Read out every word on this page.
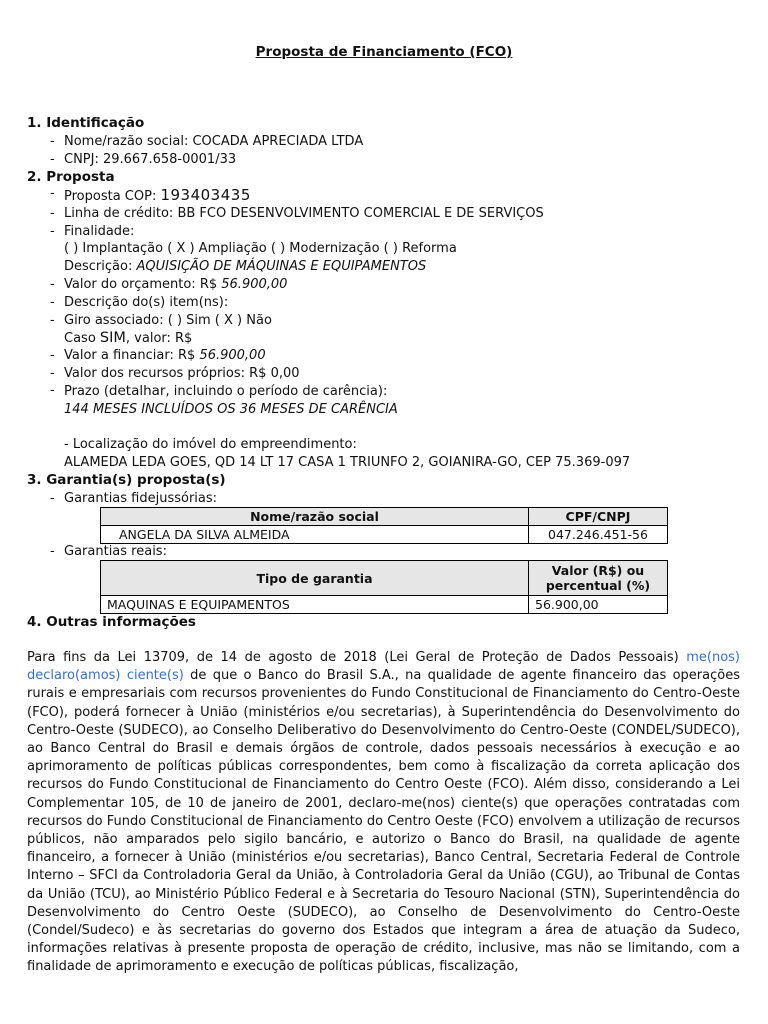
Proposta de Financiamento (FCO)
1. Identificação
- Nome/razão social: COCADA APRECIADA LTDA
- CNPJ: 29.667.658-0001/33
2. Proposta
- Proposta COP: 193403435
- Linha de crédito: BB FCO DESENVOLVIMENTO COMERCIAL E DE SERVIÇOS
- Finalidade:
( ) Implantação ( X ) Ampliação ( ) Modernização ( ) Reforma
Descrição: AQUISIÇÃO DE MÁQUINAS E EQUIPAMENTOS
- Valor do orçamento: R$ 56.900,00
- Descrição do(s) item(ns):
- Giro associado: ( ) Sim ( X ) Não
Caso SIM, valor: R$
- Valor a financiar: R$ 56.900,00
- Valor dos recursos próprios: R$ 0,00
- Prazo (detalhar, incluindo o período de carência):
144 MESES INCLUÍDOS OS 36 MESES DE CARÊNCIA
- Localização do imóvel do empreendimento:
ALAMEDA LEDA GOES, QD 14 LT 17 CASA 1 TRIUNFO 2, GOIANIRA-GO, CEP 75.369-097
3. Garantia(s) proposta(s)
- Garantias fidejussórias:
Nome/razão social	CPF/CNPJ
ANGELA DA SILVA ALMEIDA	047.246.451-56
- Garantias reais:
Tipo de garantia	Valor (R$) ou percentual (%)
MAQUINAS E EQUIPAMENTOS	56.900,00
4. Outras informações
Para fins da Lei 13709, de 14 de agosto de 2018 (Lei Geral de Proteção de Dados Pessoais) me(nos) declaro(amos) ciente(s) de que o Banco do Brasil S.A., na qualidade de agente financeiro das operações rurais e empresariais com recursos provenientes do Fundo Constitucional de Financiamento do Centro-Oeste (FCO), poderá fornecer à União (ministérios e/ou secretarias), à Superintendência do Desenvolvimento do Centro-Oeste (SUDECO), ao Conselho Deliberativo do Desenvolvimento do Centro-Oeste (CONDEL/SUDECO), ao Banco Central do Brasil e demais órgãos de controle, dados pessoais necessários à execução e ao aprimoramento de políticas públicas correspondentes, bem como à fiscalização da correta aplicação dos recursos do Fundo Constitucional de Financiamento do Centro Oeste (FCO). Além disso, considerando a Lei Complementar 105, de 10 de janeiro de 2001, declaro-me(nos) ciente(s) que operações contratadas com recursos do Fundo Constitucional de Financiamento do Centro Oeste (FCO) envolvem a utilização de recursos públicos, não amparados pelo sigilo bancário, e autorizo o Banco do Brasil, na qualidade de agente financeiro, a fornecer à União (ministérios e/ou secretarias), Banco Central, Secretaria Federal de Controle Interno – SFCI da Controladoria Geral da União, à Controladoria Geral da União (CGU), ao Tribunal de Contas da União (TCU), ao Ministério Público Federal e à Secretaria do Tesouro Nacional (STN), Superintendência do Desenvolvimento do Centro Oeste (SUDECO), ao Conselho de Desenvolvimento do Centro-Oeste (Condel/Sudeco) e às secretarias do governo dos Estados que integram a área de atuação da Sudeco, informações relativas à presente proposta de operação de crédito, inclusive, mas não se limitando, com a finalidade de aprimoramento e execução de políticas públicas, fiscalização,
